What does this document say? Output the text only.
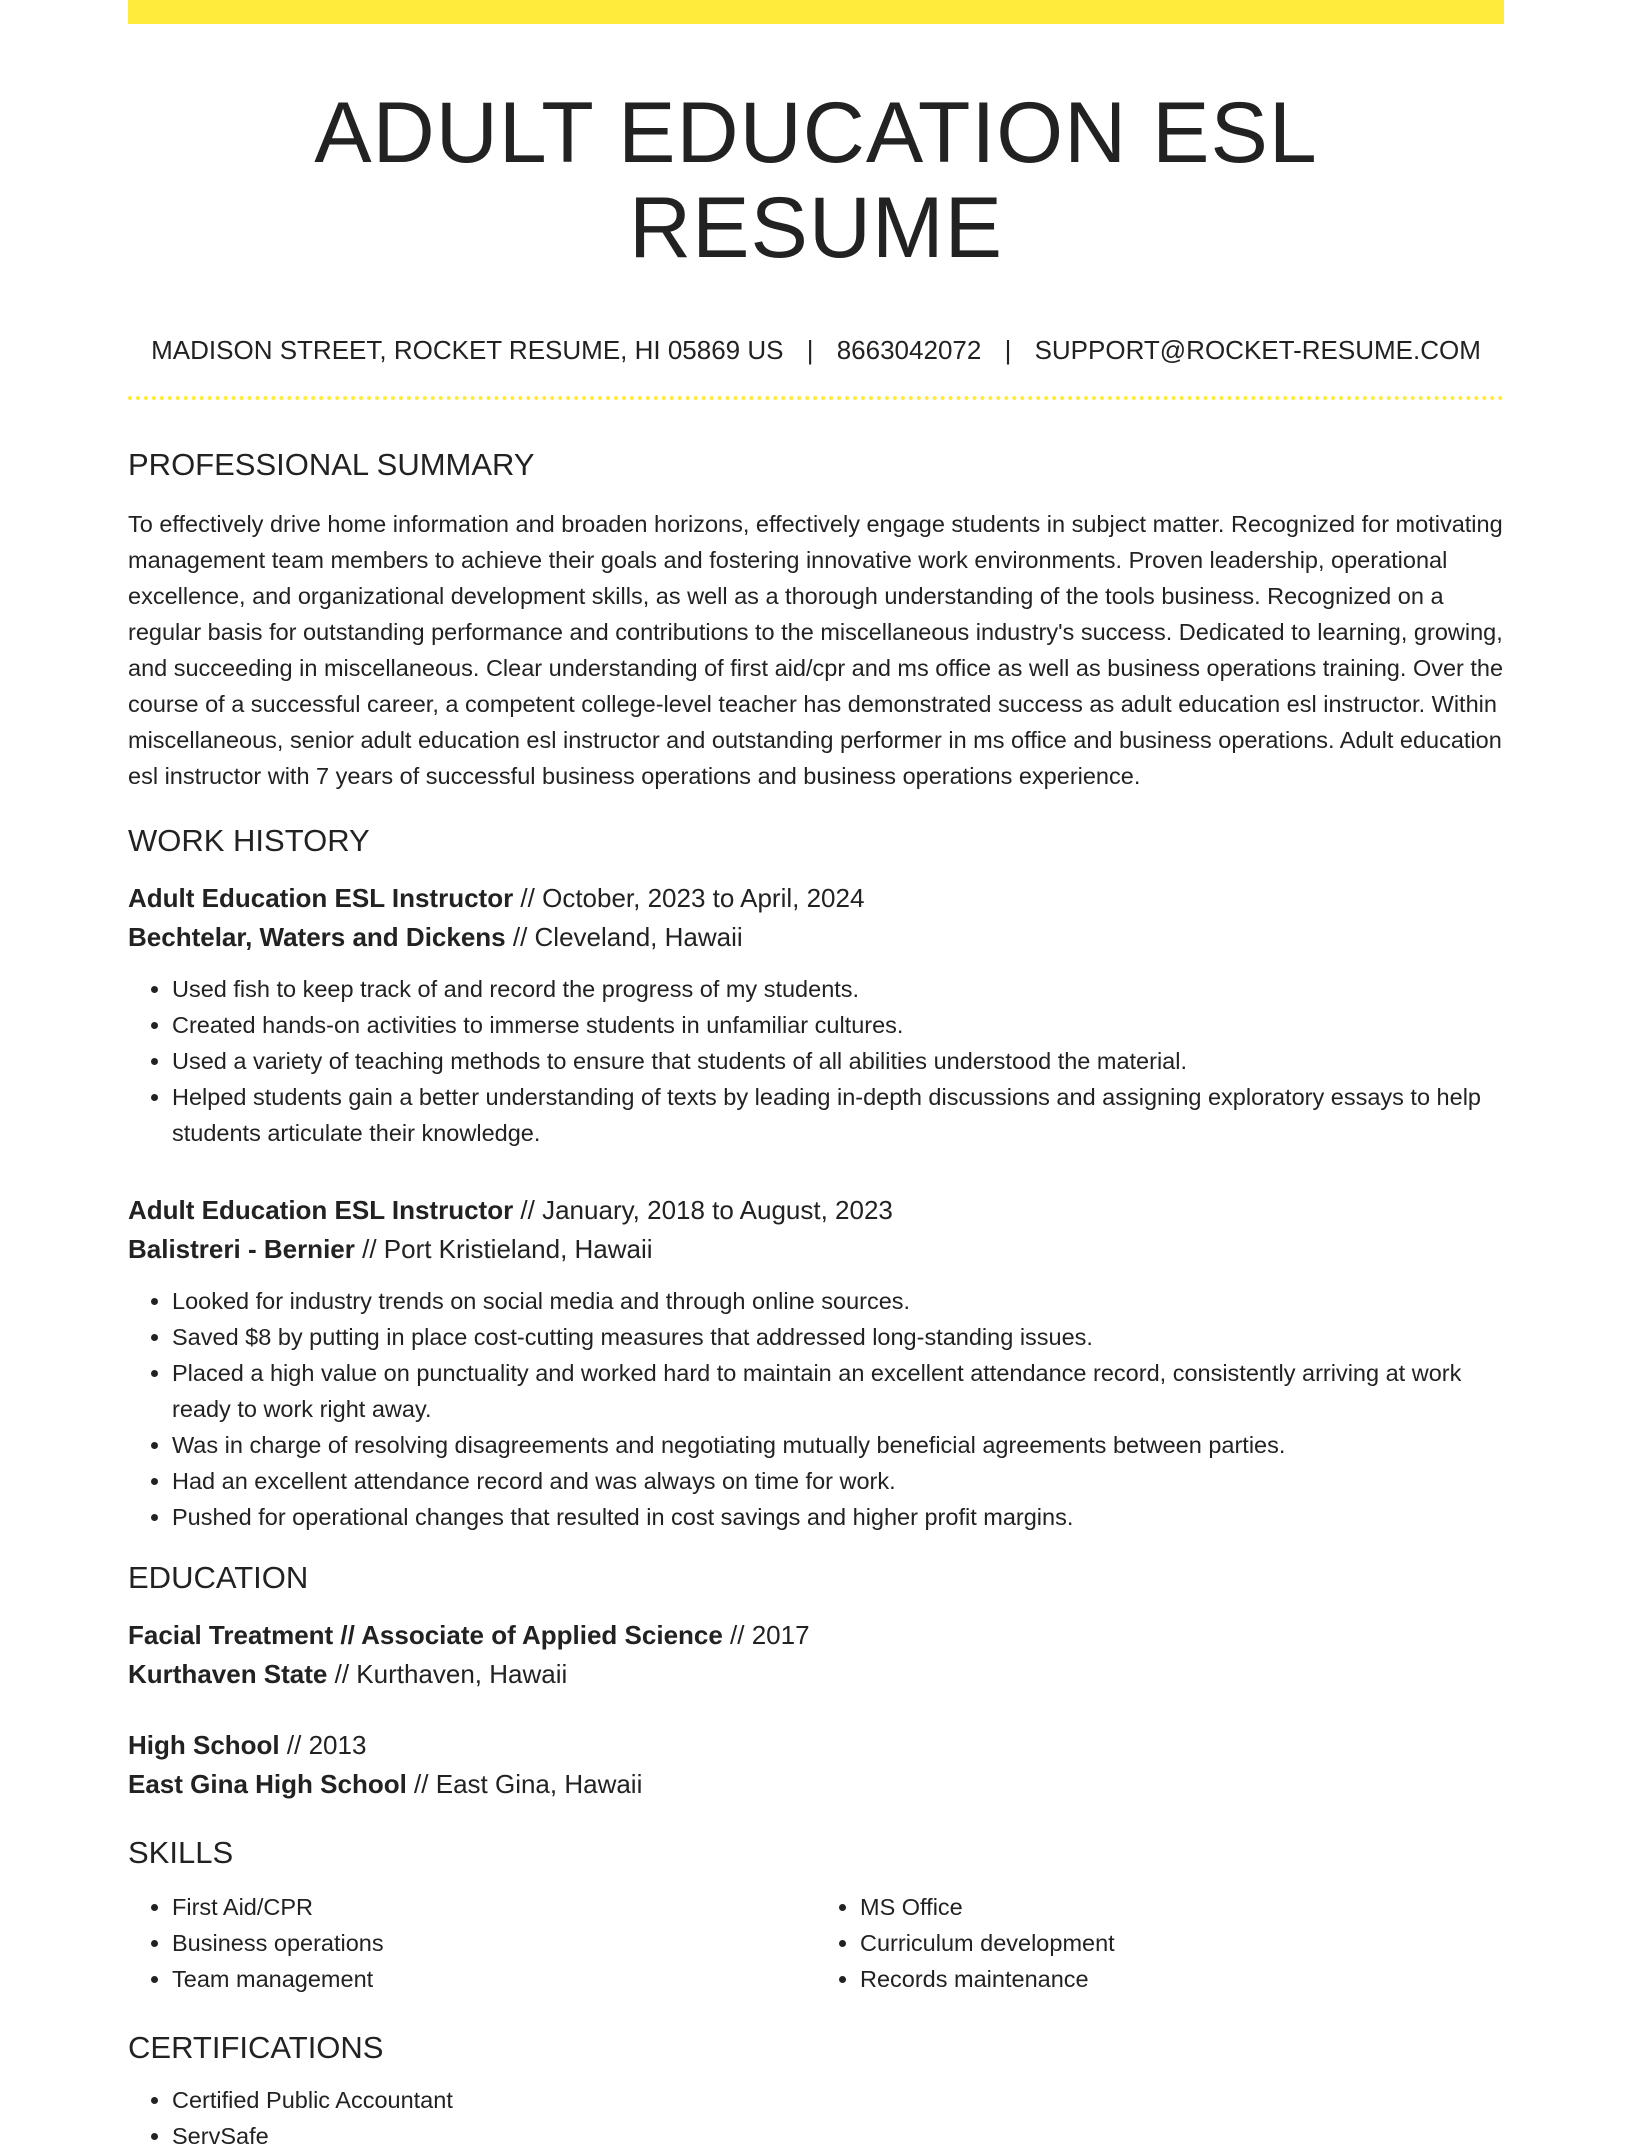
ADULT EDUCATION ESL RESUME
MADISON STREET, ROCKET RESUME, HI 05869 US | 8663042072 | SUPPORT@ROCKET-RESUME.COM
PROFESSIONAL SUMMARY
To effectively drive home information and broaden horizons, effectively engage students in subject matter. Recognized for motivating management team members to achieve their goals and fostering innovative work environments. Proven leadership, operational excellence, and organizational development skills, as well as a thorough understanding of the tools business. Recognized on a regular basis for outstanding performance and contributions to the miscellaneous industry's success. Dedicated to learning, growing, and succeeding in miscellaneous. Clear understanding of first aid/cpr and ms office as well as business operations training. Over the course of a successful career, a competent college-level teacher has demonstrated success as adult education esl instructor. Within miscellaneous, senior adult education esl instructor and outstanding performer in ms office and business operations. Adult education esl instructor with 7 years of successful business operations and business operations experience.
WORK HISTORY
Adult Education ESL Instructor // October, 2023 to April, 2024
Bechtelar, Waters and Dickens // Cleveland, Hawaii
• Used fish to keep track of and record the progress of my students.
• Created hands-on activities to immerse students in unfamiliar cultures.
• Used a variety of teaching methods to ensure that students of all abilities understood the material.
• Helped students gain a better understanding of texts by leading in-depth discussions and assigning exploratory essays to help students articulate their knowledge.
Adult Education ESL Instructor // January, 2018 to August, 2023
Balistreri - Bernier // Port Kristieland, Hawaii
• Looked for industry trends on social media and through online sources.
• Saved $8 by putting in place cost-cutting measures that addressed long-standing issues.
• Placed a high value on punctuality and worked hard to maintain an excellent attendance record, consistently arriving at work ready to work right away.
• Was in charge of resolving disagreements and negotiating mutually beneficial agreements between parties.
• Had an excellent attendance record and was always on time for work.
• Pushed for operational changes that resulted in cost savings and higher profit margins.
EDUCATION
Facial Treatment // Associate of Applied Science // 2017
Kurthaven State // Kurthaven, Hawaii
High School // 2013
East Gina High School // East Gina, Hawaii
SKILLS
• First Aid/CPR
• Business operations
• Team management
• MS Office
• Curriculum development
• Records maintenance
CERTIFICATIONS
• Certified Public Accountant
• ServSafe
